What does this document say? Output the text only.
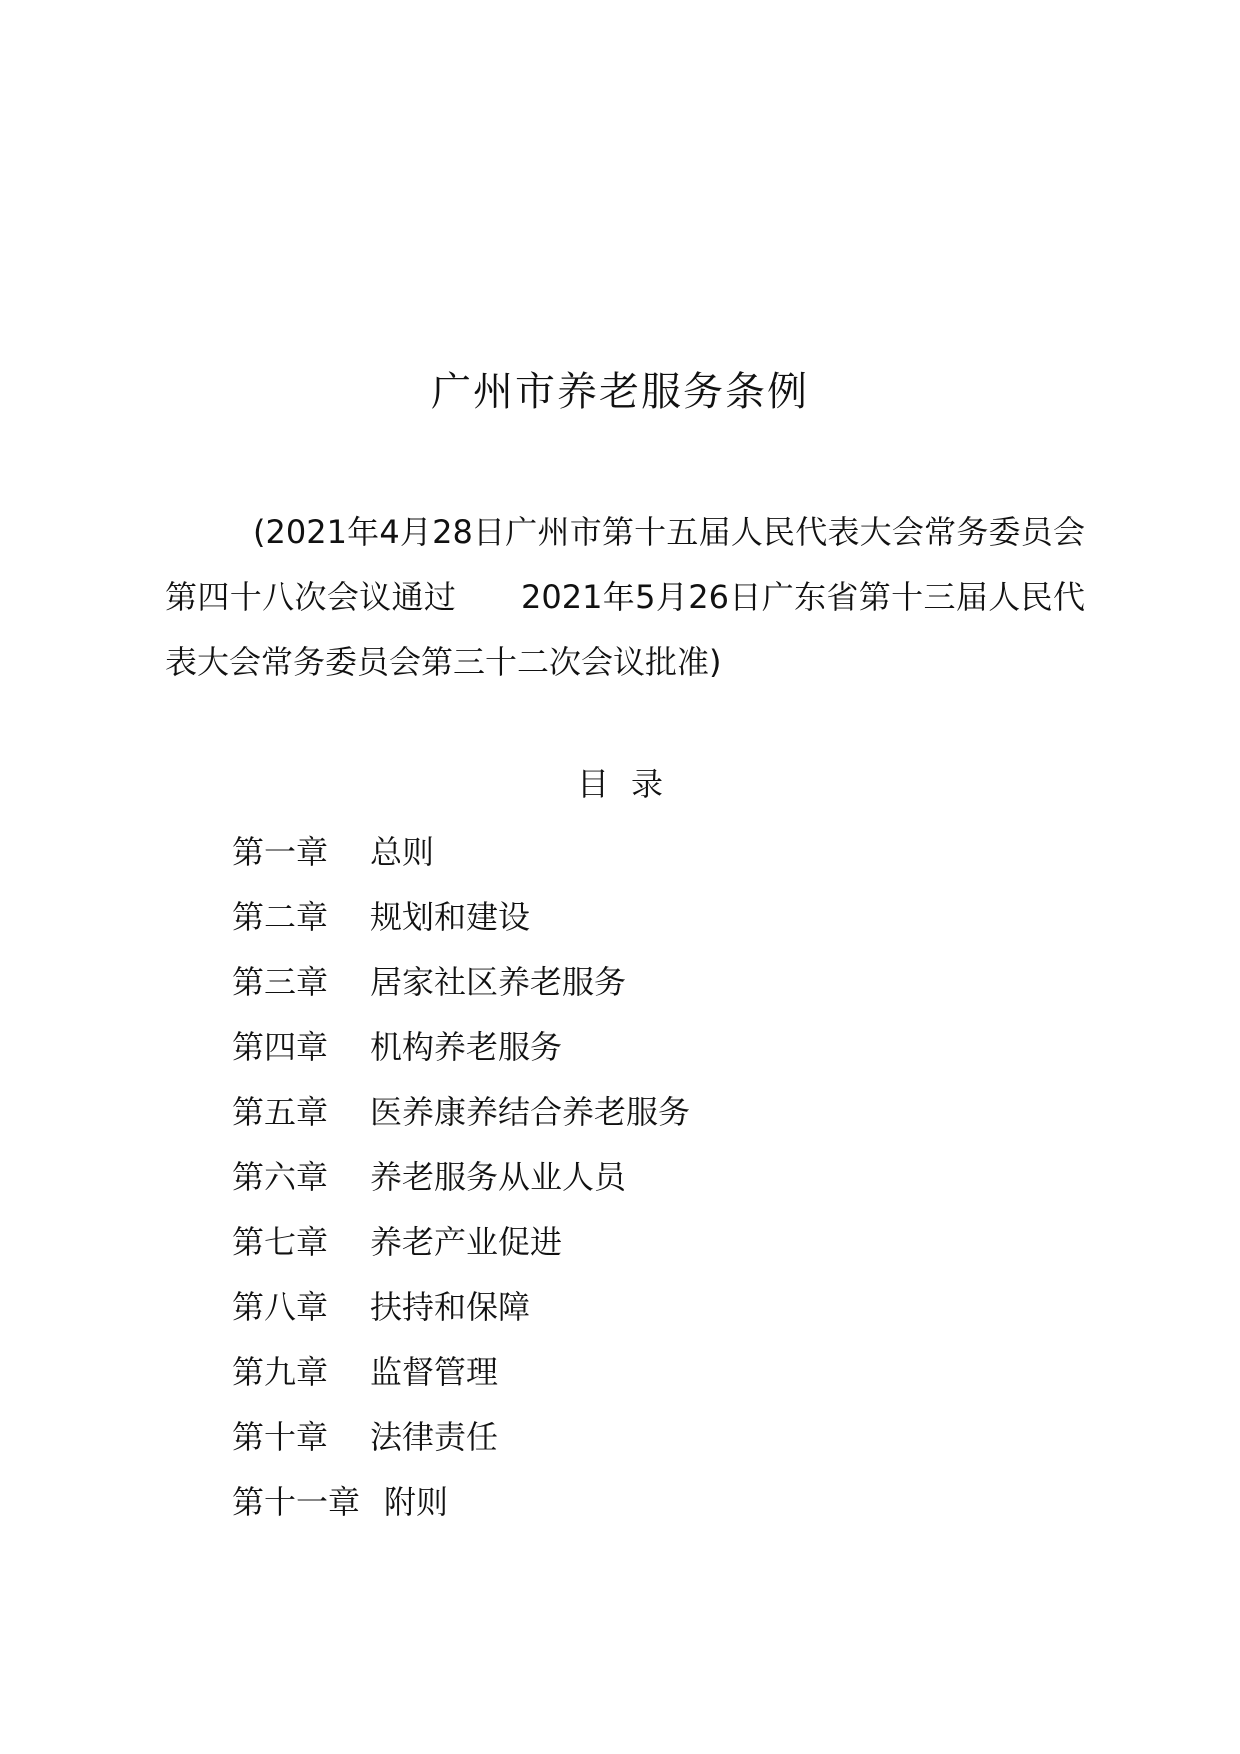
广州市养老服务条例

(2021年4月28日广州市第十五届人民代表大会常务委员会第四十八次会议通过　　2021年5月26日广东省第十三届人民代表大会常务委员会第三十二次会议批准)

目录
第一章 总则
第二章 规划和建设
第三章 居家社区养老服务
第四章 机构养老服务
第五章 医养康养结合养老服务
第六章 养老服务从业人员
第七章 养老产业促进
第八章 扶持和保障
第九章 监督管理
第十章 法律责任
第十一章 附则
